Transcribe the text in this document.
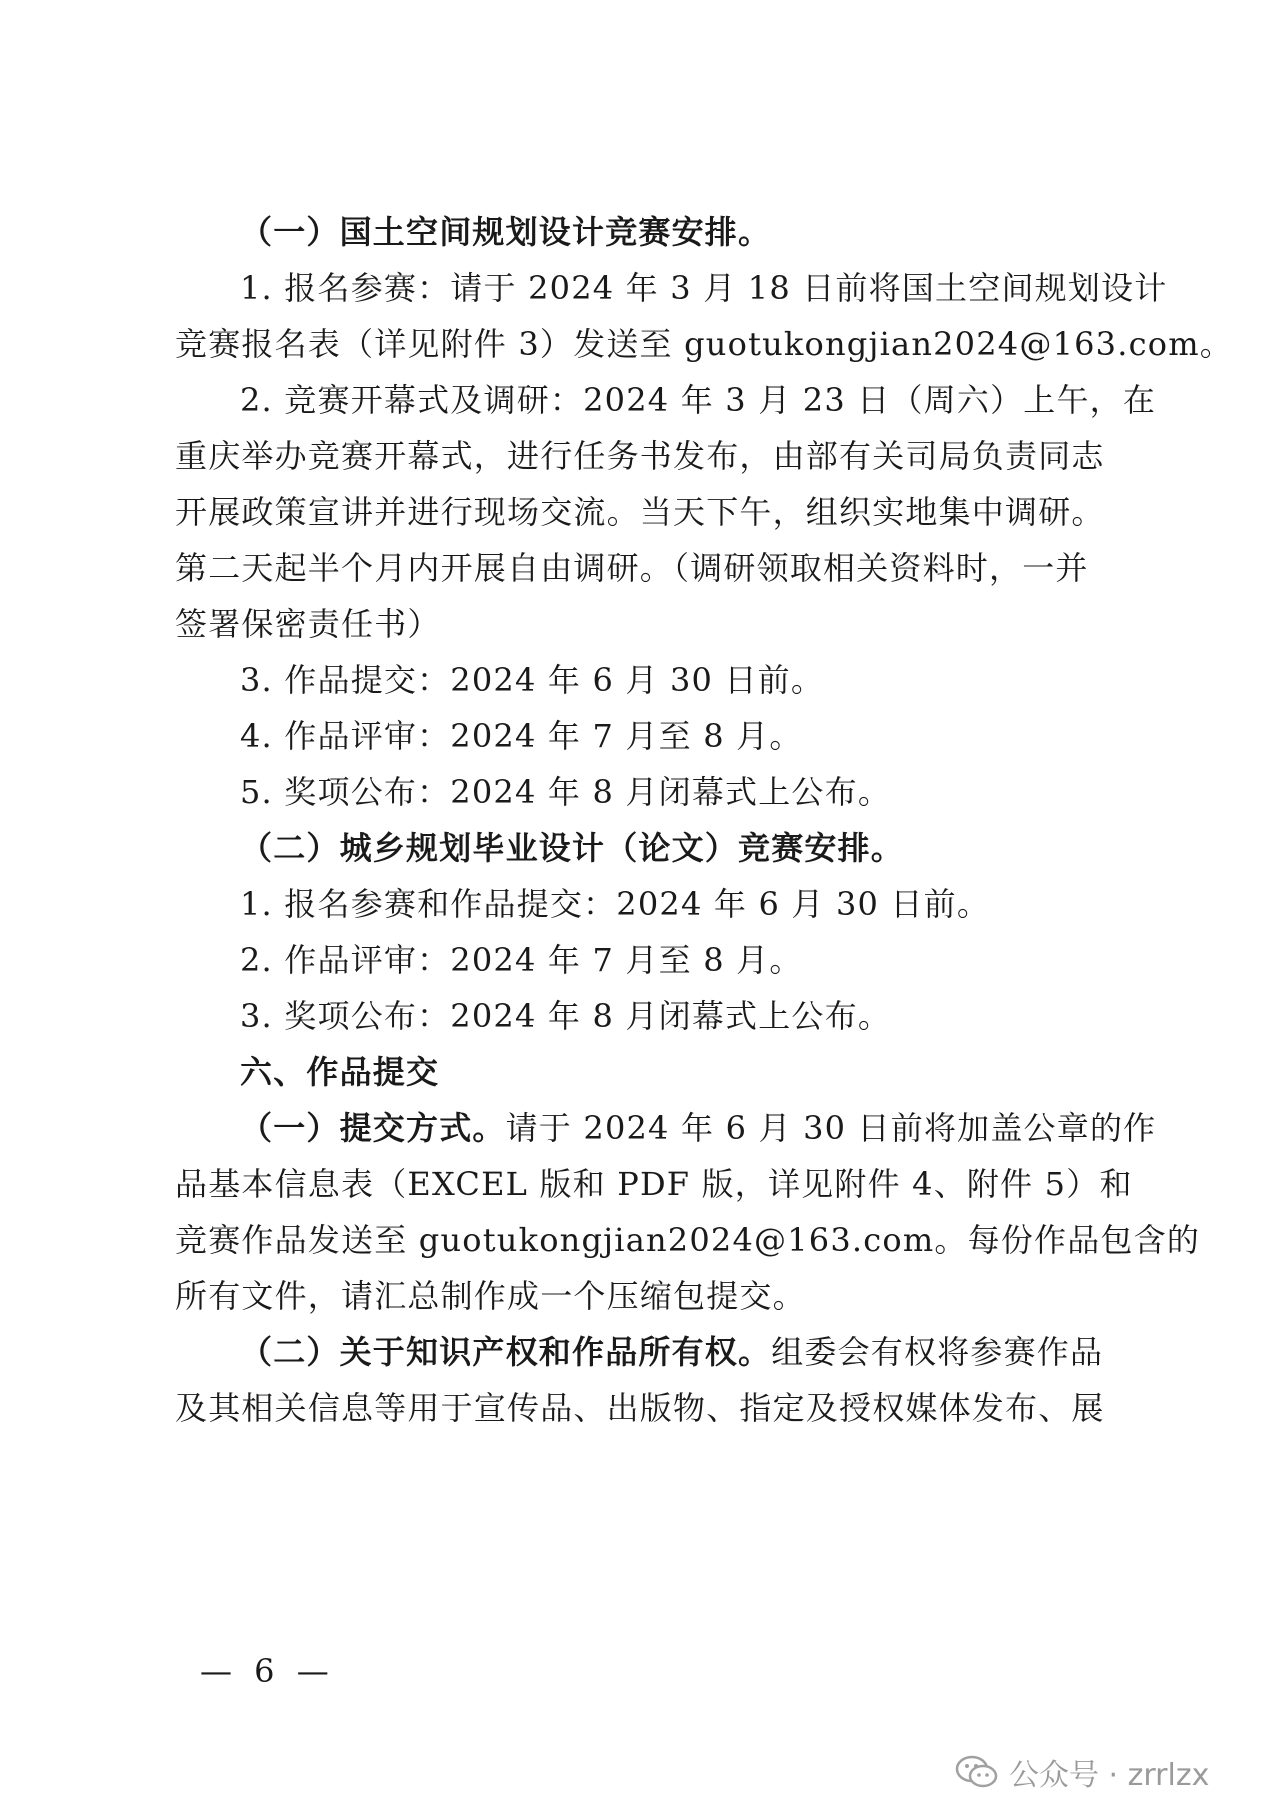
（一）国土空间规划设计竞赛安排。
1. 报名参赛：请于 2024 年 3 月 18 日前将国土空间规划设计
竞赛报名表（详见附件 3）发送至 guotukongjian2024@163.com。
2. 竞赛开幕式及调研：2024 年 3 月 23 日（周六）上午，在
重庆举办竞赛开幕式，进行任务书发布，由部有关司局负责同志
开展政策宣讲并进行现场交流。当天下午，组织实地集中调研。
第二天起半个月内开展自由调研。（调研领取相关资料时，一并
签署保密责任书）
3. 作品提交：2024 年 6 月 30 日前。
4. 作品评审：2024 年 7 月至 8 月。
5. 奖项公布：2024 年 8 月闭幕式上公布。
（二）城乡规划毕业设计（论文）竞赛安排。
1. 报名参赛和作品提交：2024 年 6 月 30 日前。
2. 作品评审：2024 年 7 月至 8 月。
3. 奖项公布：2024 年 8 月闭幕式上公布。
六、作品提交
（一）提交方式。请于 2024 年 6 月 30 日前将加盖公章的作
品基本信息表（EXCEL 版和 PDF 版，详见附件 4、附件 5）和
竞赛作品发送至 guotukongjian2024@163.com。每份作品包含的
所有文件，请汇总制作成一个压缩包提交。
（二）关于知识产权和作品所有权。组委会有权将参赛作品
及其相关信息等用于宣传品、出版物、指定及授权媒体发布、展
— 6 —
公众号 · zrrlzx
